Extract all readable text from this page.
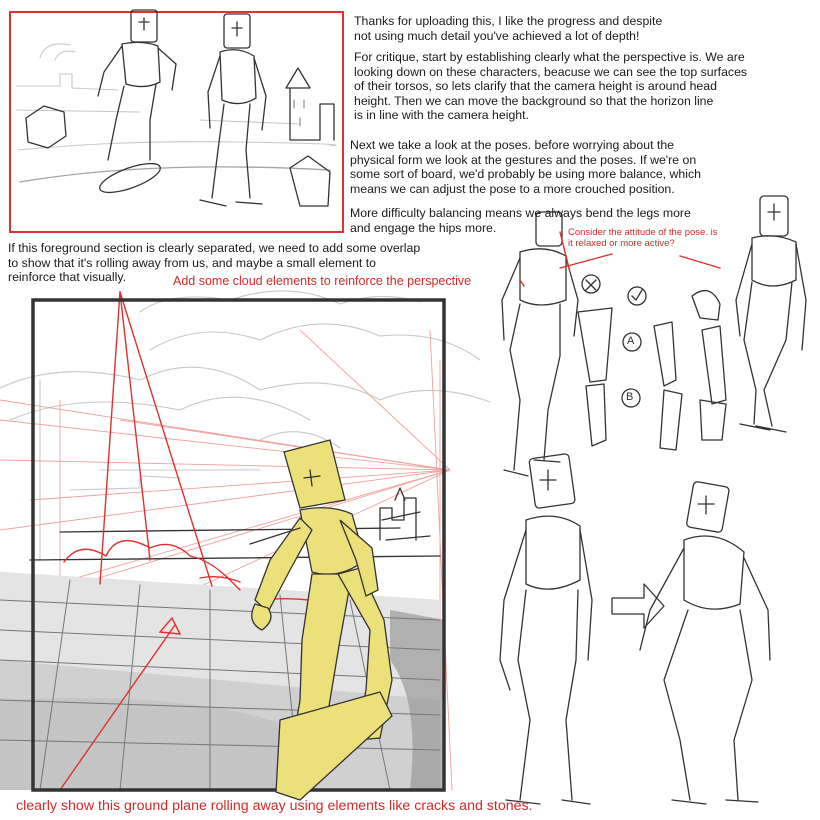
Thanks for uploading this, I like the progress and despite
not using much detail you've achieved a lot of depth!
For critique, start by establishing clearly what the perspective is. We are
looking down on these characters, beacuse we can see the top surfaces
of their torsos, so lets clarify that the camera height is around head
height. Then we can move the background so that the horizon line
is in line with the camera height.
Next we take a look at the poses. before worrying about the
physical form we look at the gestures and the poses. If we're on
some sort of board, we'd probably be using more balance, which
means we can adjust the pose to a more crouched position.
More difficulty balancing means we always bend the legs more
and engage the hips more.
If this foreground section is clearly separated, we need to add some overlap
to show that it's rolling away from us, and maybe a small element to
reinforce that visually.	Add some cloud elements to reinforce the perspective
Consider the attitude of the pose. is
it relaxed or more active?
clearly show this ground plane rolling away using elements like cracks and stones.
A
B
